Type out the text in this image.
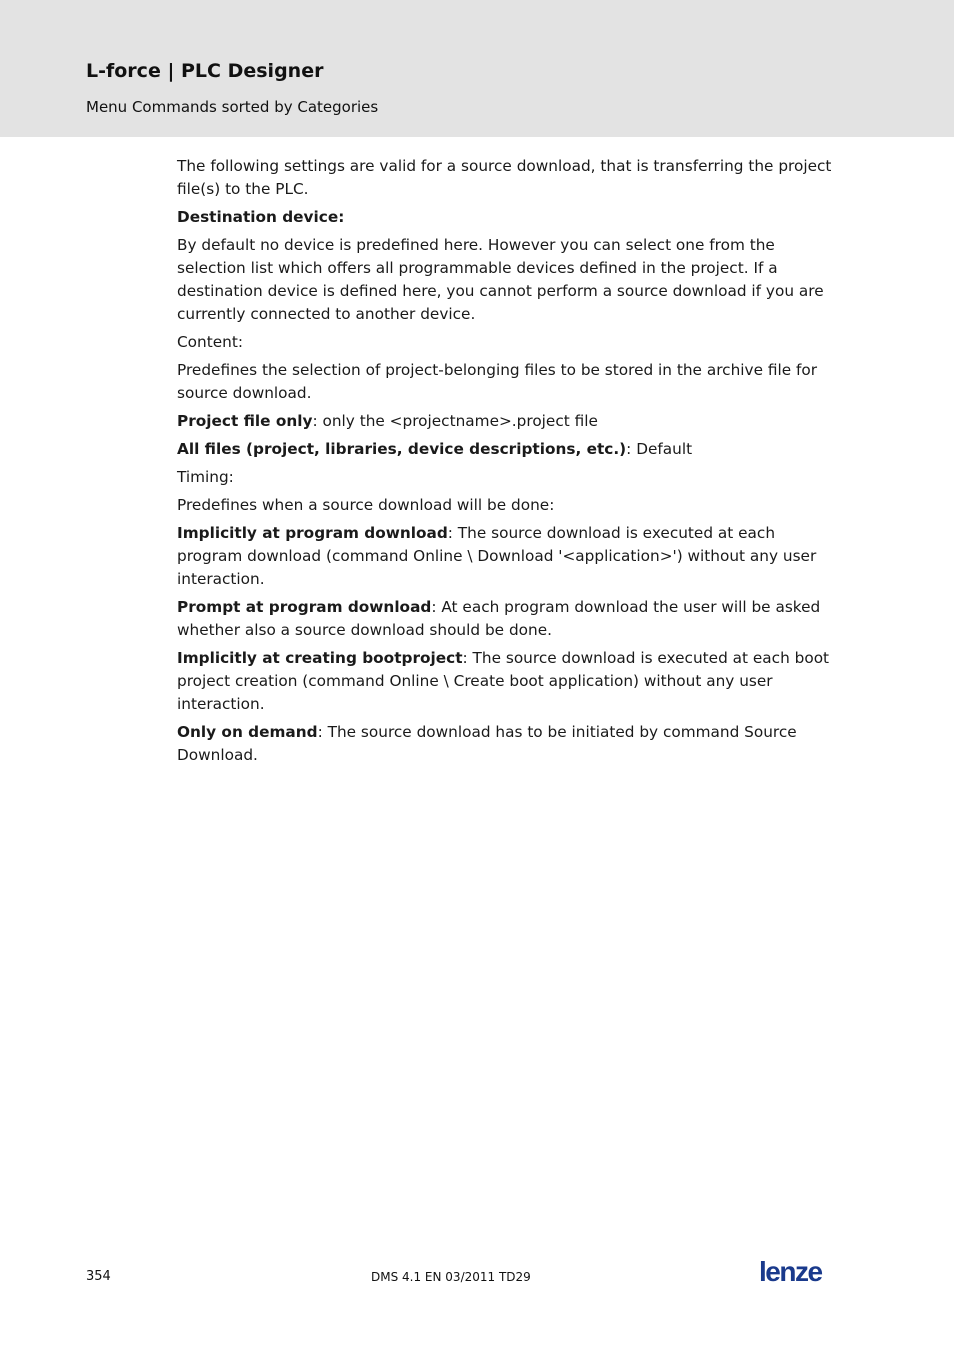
L-force | PLC Designer
Menu Commands sorted by Categories

The following settings are valid for a source download, that is transferring the project file(s) to the PLC.

Destination device:

By default no device is predefined here. However you can select one from the selection list which offers all programmable devices defined in the project. If a destination device is defined here, you cannot perform a source download if you are currently connected to another device.

Content:

Predefines the selection of project-belonging files to be stored in the archive file for source download.

Project file only: only the <projectname>.project file

All files (project, libraries, device descriptions, etc.): Default

Timing:

Predefines when a source download will be done:

Implicitly at program download: The source download is executed at each program download (command Online \ Download '<application>') without any user interaction.

Prompt at program download: At each program download the user will be asked whether also a source download should be done.

Implicitly at creating bootproject: The source download is executed at each boot project creation (command Online \ Create boot application) without any user interaction.

Only on demand: The source download has to be initiated by command Source Download.

354	DMS 4.1 EN 03/2011 TD29	lenze
